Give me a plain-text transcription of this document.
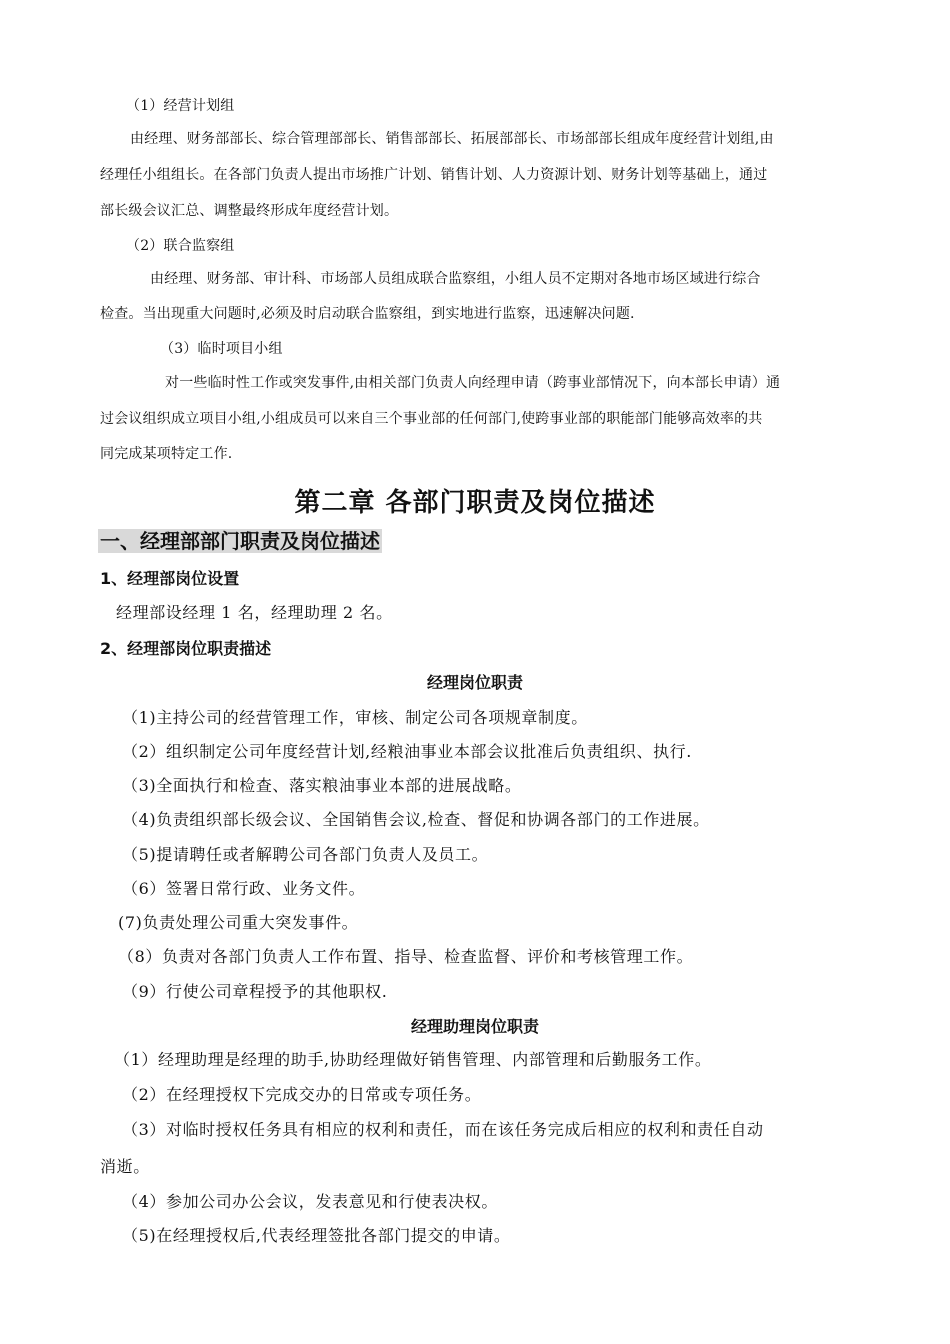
（1）经营计划组
由经理、财务部部长、综合管理部部长、销售部部长、拓展部部长、市场部部长组成年度经营计划组,由
经理任小组组长。在各部门负责人提出市场推广计划、销售计划、人力资源计划、财务计划等基础上，通过
部长级会议汇总、调整最终形成年度经营计划。
（2）联合监察组
由经理、财务部、审计科、市场部人员组成联合监察组，小组人员不定期对各地市场区域进行综合
检查。当出现重大问题时,必须及时启动联合监察组，到实地进行监察，迅速解决问题.
（3）临时项目小组
对一些临时性工作或突发事件,由相关部门负责人向经理申请（跨事业部情况下，向本部长申请）通
过会议组织成立项目小组,小组成员可以来自三个事业部的任何部门,使跨事业部的职能部门能够高效率的共
同完成某项特定工作.
第二章 各部门职责及岗位描述
一、经理部部门职责及岗位描述
1、经理部岗位设置
经理部设经理 1 名，经理助理 2 名。
2、经理部岗位职责描述
经理岗位职责
（1)主持公司的经营管理工作，审核、制定公司各项规章制度。
（2）组织制定公司年度经营计划,经粮油事业本部会议批准后负责组织、执行.
（3)全面执行和检查、落实粮油事业本部的进展战略。
（4)负责组织部长级会议、全国销售会议,检查、督促和协调各部门的工作进展。
（5)提请聘任或者解聘公司各部门负责人及员工。
（6）签署日常行政、业务文件。
(7)负责处理公司重大突发事件。
（8）负责对各部门负责人工作布置、指导、检查监督、评价和考核管理工作。
（9）行使公司章程授予的其他职权.
经理助理岗位职责
（1）经理助理是经理的助手,协助经理做好销售管理、内部管理和后勤服务工作。
（2）在经理授权下完成交办的日常或专项任务。
（3）对临时授权任务具有相应的权利和责任，而在该任务完成后相应的权利和责任自动
消逝。
（4）参加公司办公会议，发表意见和行使表决权。
（5)在经理授权后,代表经理签批各部门提交的申请。
